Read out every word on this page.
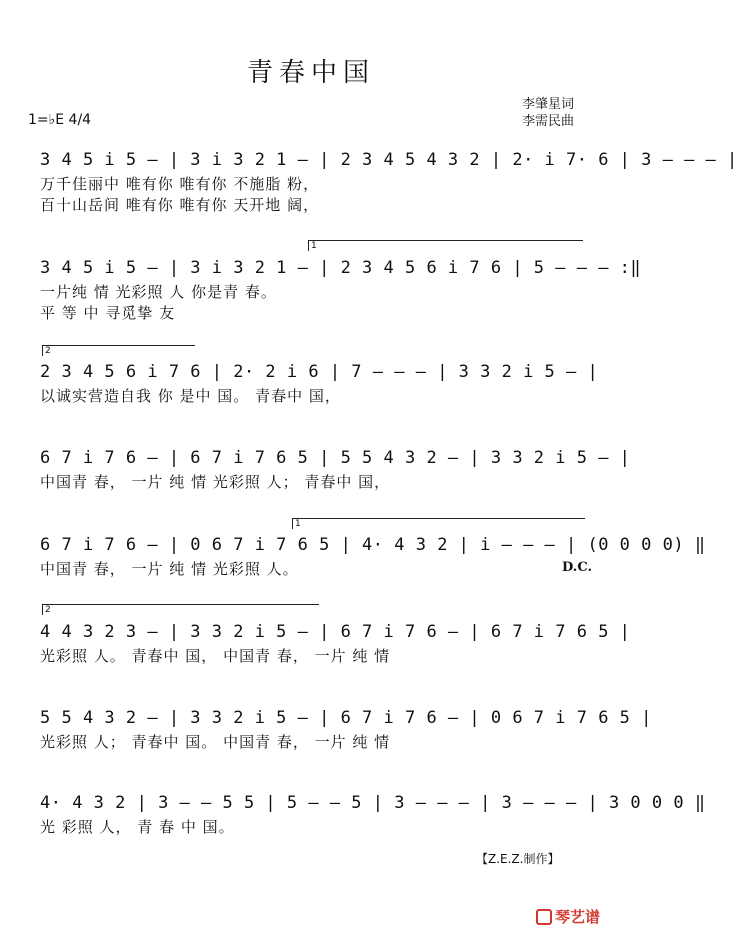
青春中国
1=♭E 4/4
李肇星词
李需民曲
3 4 5 i 5 – | 3 i 3 2 1 – | 2 3 4 5 4 3 2 | 2· i 7· 6 | 3 – – – |
万千佳丽中 唯有你 唯有你 不施脂 粉，
百十山岳间 唯有你 唯有你 天开地 阔，
1
3 4 5 i 5 – | 3 i 3 2 1 – | 2 3 4 5 6 i 7 6 | 5 – – – :‖
一片纯 情 光彩照 人 你是青 春。
平 等 中 寻觅挚 友
2
2 3 4 5 6 i 7 6 | 2· 2 i 6 | 7 – – – | 3 3 2 i 5 – |
以诚实营造自我 你 是中 国。 青春中 国，
6 7 i 7 6 – | 6 7 i 7 6 5 | 5 5 4 3 2 – | 3 3 2 i 5 – |
中国青 春， 一片 纯 情 光彩照 人； 青春中 国，
1
6 7 i 7 6 – | 0 6 7 i 7 6 5 | 4· 4 3 2 | i – – – | (0 0 0 0) ‖
中国青 春， 一片 纯 情 光彩照 人。	D.C.
2
4 4 3 2 3 – | 3 3 2 i 5 – | 6 7 i 7 6 – | 6 7 i 7 6 5 |
光彩照 人。 青春中 国， 中国青 春， 一片 纯 情
5 5 4 3 2 – | 3 3 2 i 5 – | 6 7 i 7 6 – | 0 6 7 i 7 6 5 |
光彩照 人； 青春中 国。 中国青 春， 一片 纯 情
4· 4 3 2 | 3 – – 5 5 | 5 – – 5 | 3 – – – | 3 – – – | 3 0 0 0 ‖
光 彩照 人， 青 春 中 国。
【Z.E.Z.制作】
琴艺谱
